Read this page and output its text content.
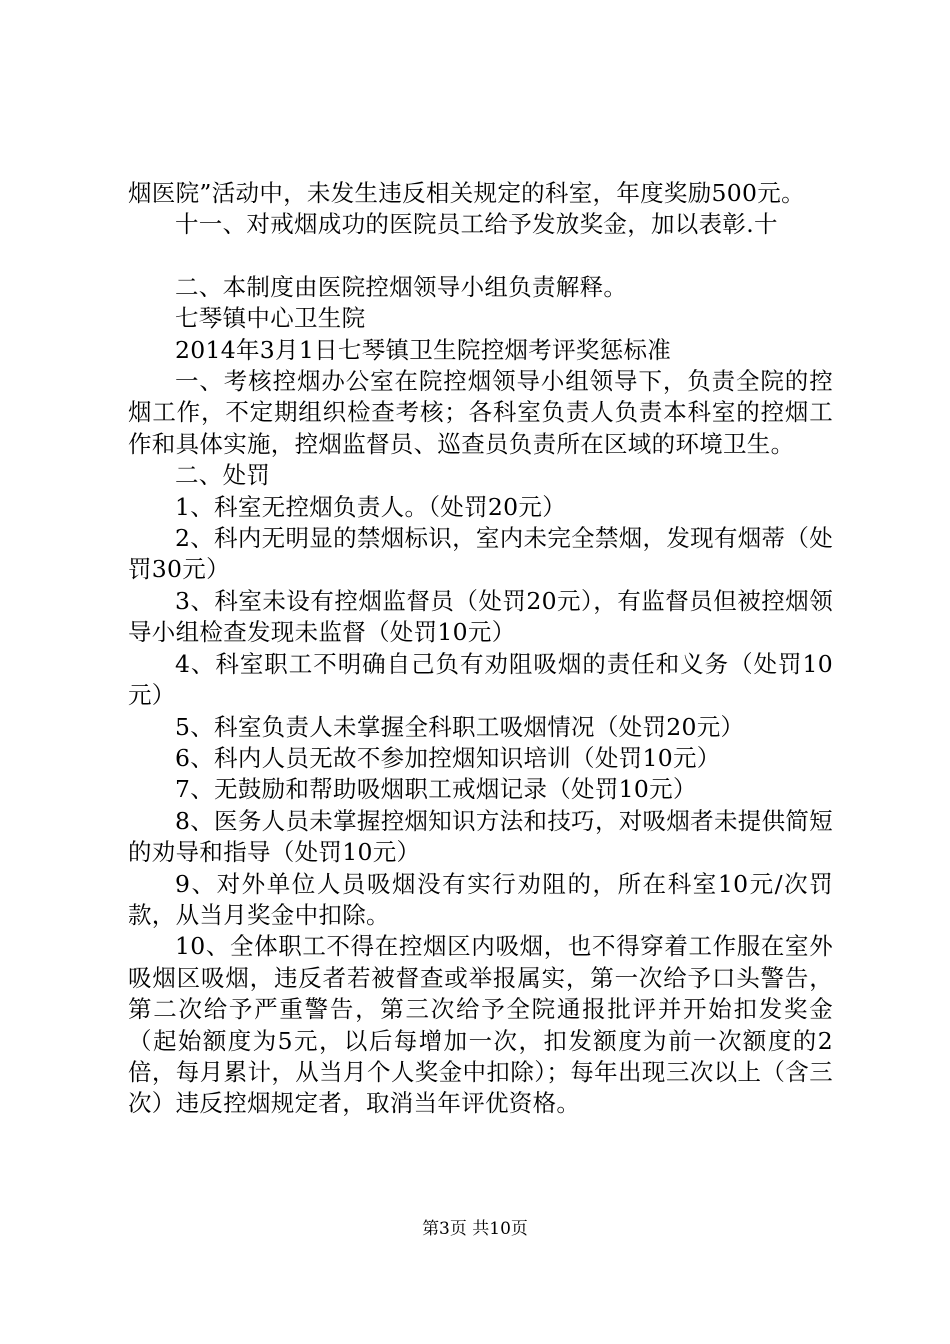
烟医院”活动中，未发生违反相关规定的科室，年度奖励500元。

十一、对戒烟成功的医院员工给予发放奖金，加以表彰.十

二、本制度由医院控烟领导小组负责解释。

七琴镇中心卫生院

2014年3月1日七琴镇卫生院控烟考评奖惩标准

一、考核控烟办公室在院控烟领导小组领导下，负责全院的控烟工作，不定期组织检查考核；各科室负责人负责本科室的控烟工作和具体实施，控烟监督员、巡查员负责所在区域的环境卫生。

二、处罚

1、科室无控烟负责人。（处罚20元）

2、科内无明显的禁烟标识，室内未完全禁烟，发现有烟蒂（处罚30元）

3、科室未设有控烟监督员（处罚20元），有监督员但被控烟领导小组检查发现未监督（处罚10元）

4、科室职工不明确自己负有劝阻吸烟的责任和义务（处罚10元）

5、科室负责人未掌握全科职工吸烟情况（处罚20元）

6、科内人员无故不参加控烟知识培训（处罚10元）

7、无鼓励和帮助吸烟职工戒烟记录（处罚10元）

8、医务人员未掌握控烟知识方法和技巧，对吸烟者未提供简短的劝导和指导（处罚10元）

9、对外单位人员吸烟没有实行劝阻的，所在科室10元/次罚款，从当月奖金中扣除。

10、全体职工不得在控烟区内吸烟，也不得穿着工作服在室外吸烟区吸烟，违反者若被督查或举报属实，第一次给予口头警告，第二次给予严重警告，第三次给予全院通报批评并开始扣发奖金（起始额度为5元，以后每增加一次，扣发额度为前一次额度的2倍，每月累计，从当月个人奖金中扣除）；每年出现三次以上（含三次）违反控烟规定者，取消当年评优资格。

第3页 共10页
